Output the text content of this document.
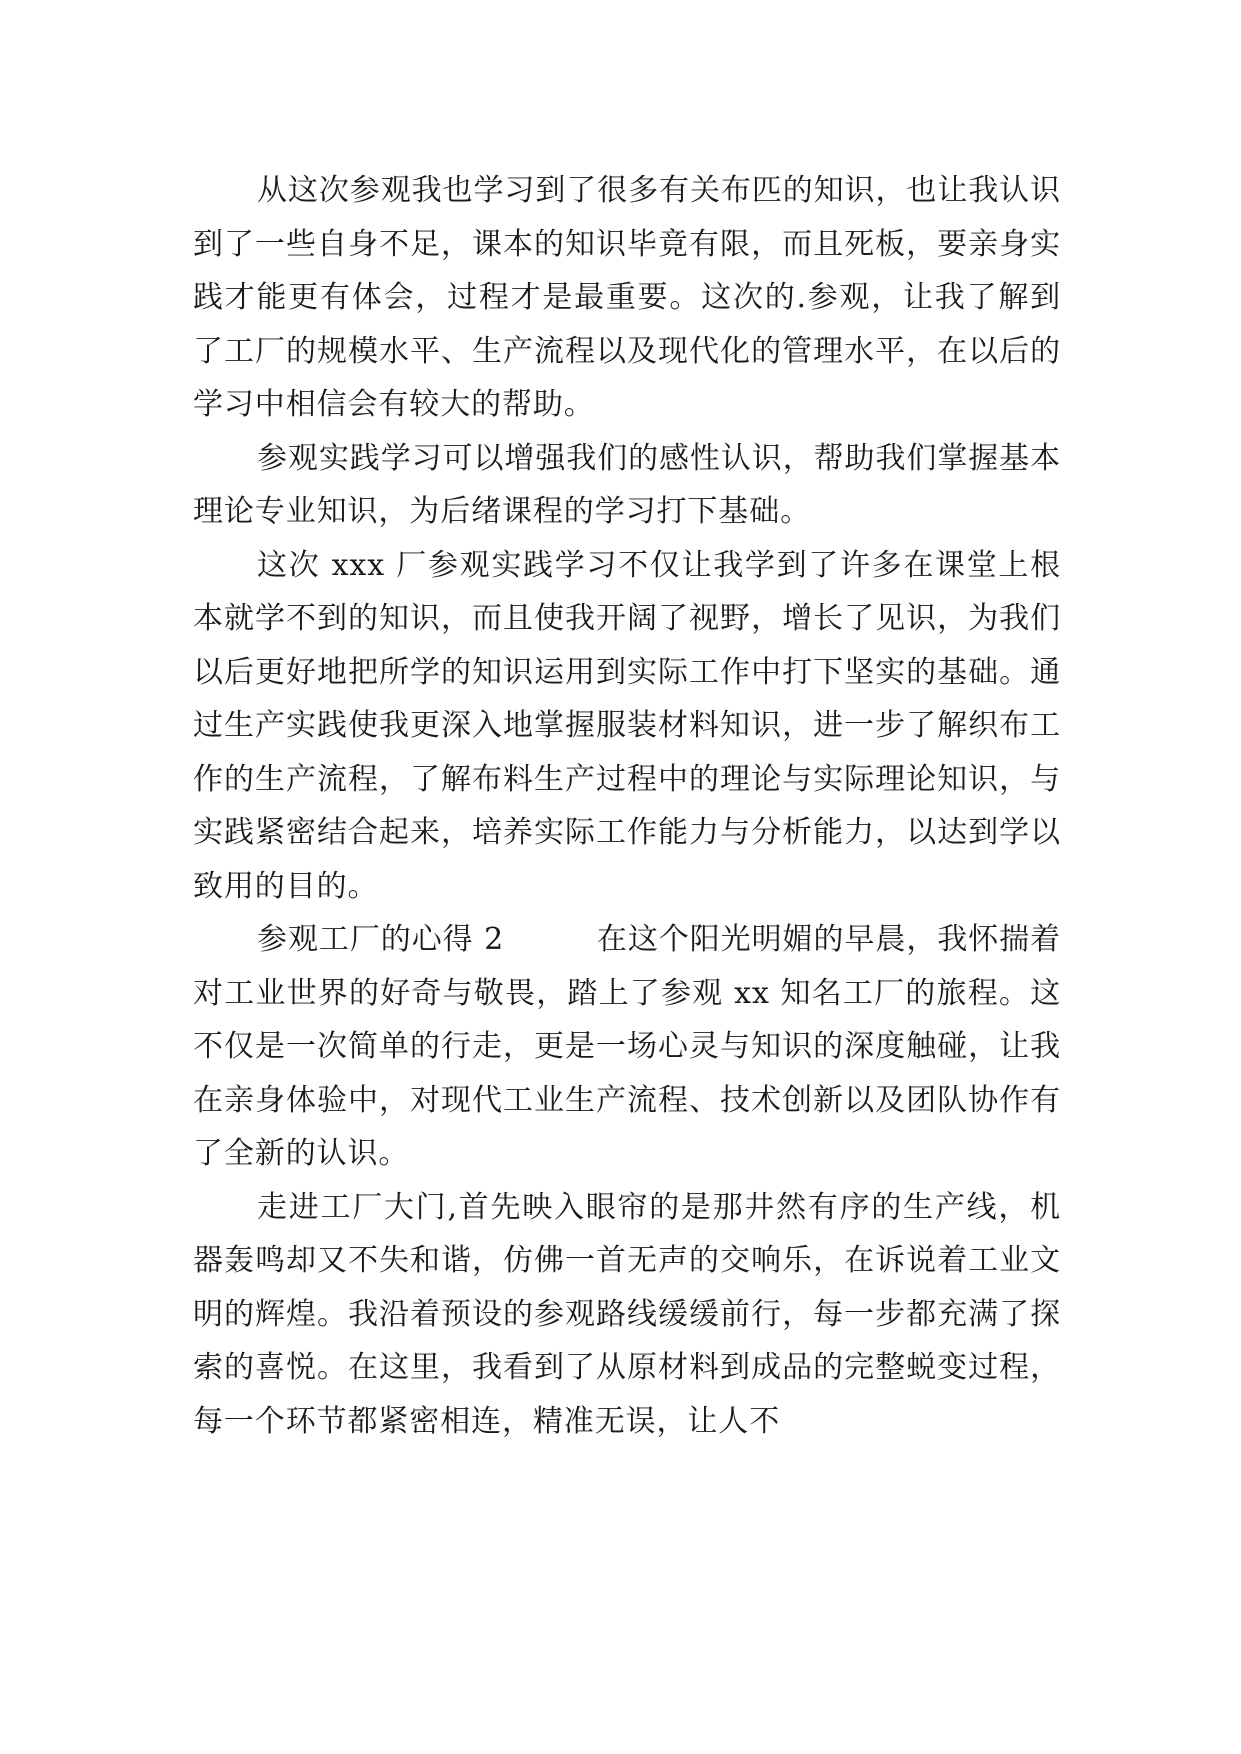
从这次参观我也学习到了很多有关布匹的知识，也让我认识到了一些自身不足，课本的知识毕竟有限，而且死板，要亲身实践才能更有体会，过程才是最重要。这次的.参观，让我了解到了工厂的规模水平、生产流程以及现代化的管理水平，在以后的学习中相信会有较大的帮助。

参观实践学习可以增强我们的感性认识，帮助我们掌握基本理论专业知识，为后绪课程的学习打下基础。

这次 xxx 厂参观实践学习不仅让我学到了许多在课堂上根本就学不到的知识，而且使我开阔了视野，增长了见识，为我们以后更好地把所学的知识运用到实际工作中打下坚实的基础。通过生产实践使我更深入地掌握服装材料知识，进一步了解织布工作的生产流程，了解布料生产过程中的理论与实际理论知识，与实践紧密结合起来，培养实际工作能力与分析能力，以达到学以致用的目的。

参观工厂的心得 2　　　在这个阳光明媚的早晨，我怀揣着对工业世界的好奇与敬畏，踏上了参观 xx 知名工厂的旅程。这不仅是一次简单的行走，更是一场心灵与知识的深度触碰，让我在亲身体验中，对现代工业生产流程、技术创新以及团队协作有了全新的认识。

走进工厂大门,首先映入眼帘的是那井然有序的生产线，机器轰鸣却又不失和谐，仿佛一首无声的交响乐，在诉说着工业文明的辉煌。我沿着预设的参观路线缓缓前行，每一步都充满了探索的喜悦。在这里，我看到了从原材料到成品的完整蜕变过程，每一个环节都紧密相连，精准无误，让人不
